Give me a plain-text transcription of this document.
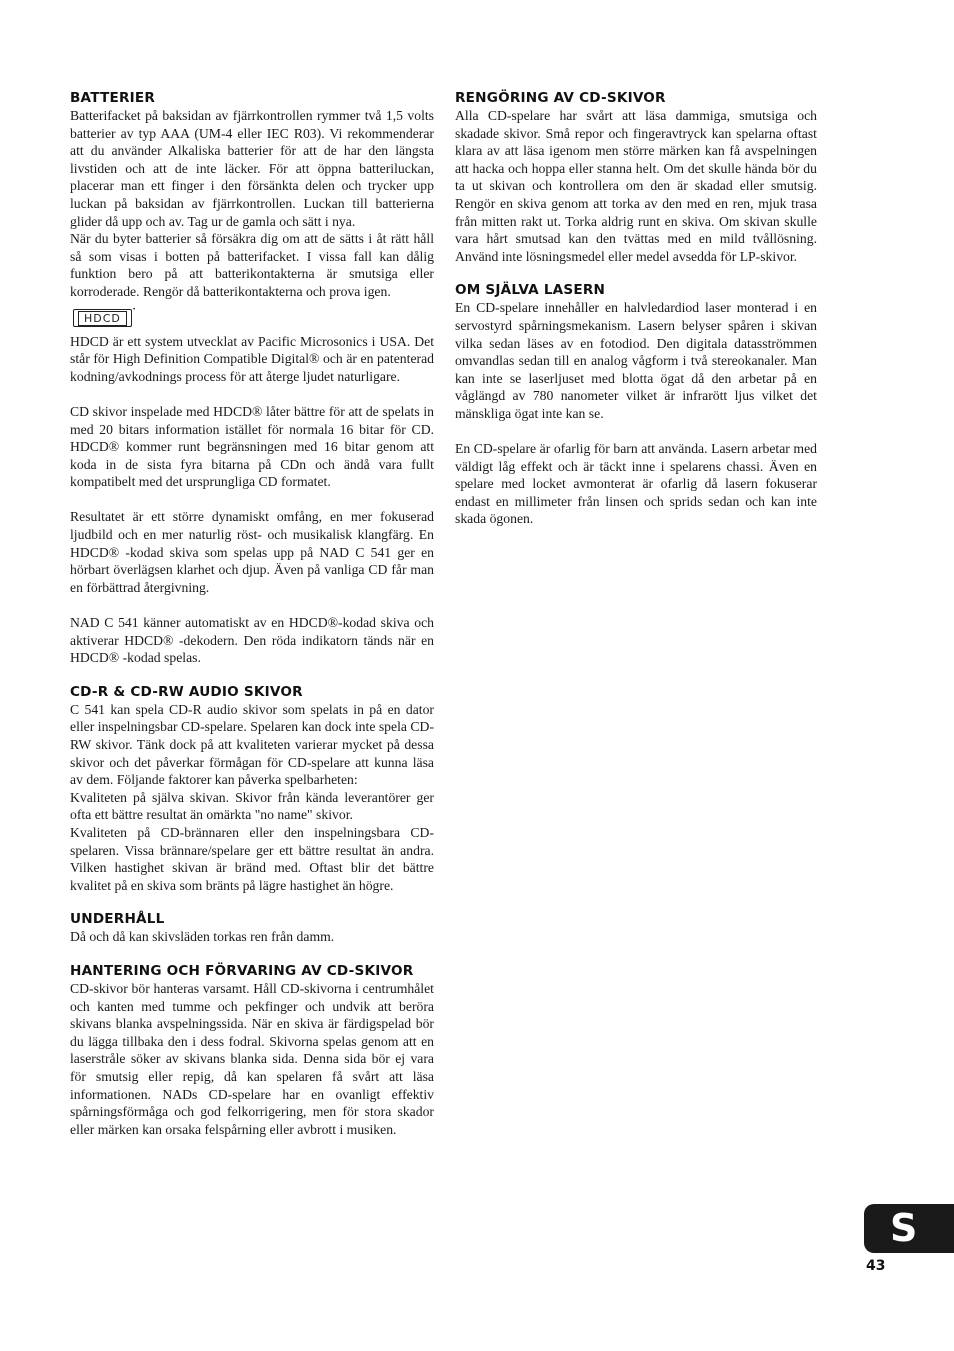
BATTERIER

Batterifacket på baksidan av fjärrkontrollen rymmer två 1,5 volts batterier av typ AAA (UM-4 eller IEC R03). Vi rekommenderar att du använder Alkaliska batterier för att de har den längsta livstiden och att de inte läcker. För att öppna batteriluckan, placerar man ett finger i den försänkta delen och trycker upp luckan på baksidan av fjärrkontrollen. Luckan till batterierna glider då upp och av. Tag ur de gamla och sätt i nya.

När du byter batterier så försäkra dig om att de sätts i åt rätt håll så som visas i botten på batterifacket. I vissa fall kan dålig funktion bero på att batterikontakterna är smutsiga eller korroderade. Rengör då batterikontakterna och prova igen.

HDCD
•

HDCD är ett system utvecklat av Pacific Microsonics i USA. Det står för High Definition Compatible Digital® och är en patenterad kodning/avkodnings process för att återge ljudet naturligare.

CD skivor inspelade med HDCD® låter bättre för att de spelats in med 20 bitars information istället för normala 16 bitar för CD. HDCD® kommer runt begränsningen med 16 bitar genom att koda in de sista fyra bitarna på CDn och ändå vara fullt kompatibelt med det ursprungliga CD formatet.

Resultatet är ett större dynamiskt omfång, en mer fokuserad ljudbild och en mer naturlig röst- och musikalisk klangfärg. En HDCD® -kodad skiva som spelas upp på NAD C 541 ger en hörbart överlägsen klarhet och djup. Även på vanliga CD får man en förbättrad återgivning.

NAD C 541 känner automatiskt av en HDCD®-kodad skiva och aktiverar HDCD® -dekodern. Den röda indikatorn tänds när en HDCD® -kodad spelas.

CD-R & CD-RW AUDIO SKIVOR

C 541 kan spela CD-R audio skivor som spelats in på en dator eller inspelningsbar CD-spelare. Spelaren kan dock inte spela CD-RW skivor. Tänk dock på att kvaliteten varierar mycket på dessa skivor och det påverkar förmågan för CD-spelare att kunna läsa av dem. Följande faktorer kan påverka spelbarheten:

Kvaliteten på själva skivan. Skivor från kända leverantörer ger ofta ett bättre resultat än omärkta "no name" skivor.

Kvaliteten på CD-brännaren eller den inspelningsbara CD-spelaren. Vissa brännare/spelare ger ett bättre resultat än andra. Vilken hastighet skivan är bränd med. Oftast blir det bättre kvalitet på en skiva som bränts på lägre hastighet än högre.

UNDERHÅLL

Då och då kan skivsläden torkas ren från damm.

HANTERING OCH FÖRVARING AV CD-SKIVOR

CD-skivor bör hanteras varsamt. Håll CD-skivorna i centrumhålet och kanten med tumme och pekfinger och undvik att beröra skivans blanka avspelningssida. När en skiva är färdigspelad bör du lägga tillbaka den i dess fodral. Skivorna spelas genom att en laserstråle söker av skivans blanka sida. Denna sida bör ej vara för smutsig eller repig, då kan spelaren få svårt att läsa informationen. NADs CD-spelare har en ovanligt effektiv spårningsförmåga och god felkorrigering, men för stora skador eller märken kan orsaka felspårning eller avbrott i musiken.

RENGÖRING AV CD-SKIVOR

Alla CD-spelare har svårt att läsa dammiga, smutsiga och skadade skivor. Små repor och fingeravtryck kan spelarna oftast klara av att läsa igenom men större märken kan få avspelningen att hacka och hoppa eller stanna helt. Om det skulle hända bör du ta ut skivan och kontrollera om den är skadad eller smutsig. Rengör en skiva genom att torka av den med en ren, mjuk trasa från mitten rakt ut. Torka aldrig runt en skiva. Om skivan skulle vara hårt smutsad kan den tvättas med en mild tvållösning. Använd inte lösningsmedel eller medel avsedda för LP-skivor.

OM SJÄLVA LASERN

En CD-spelare innehåller en halvledardiod laser monterad i en servostyrd spårningsmekanism. Lasern belyser spåren i skivan vilka sedan läses av en fotodiod. Den digitala datasströmmen omvandlas sedan till en analog vågform i två stereokanaler. Man kan inte se laserljuset med blotta ögat då den arbetar på en våglängd av 780 nanometer vilket är infrarött ljus vilket det mänskliga ögat inte kan se.

En CD-spelare är ofarlig för barn att använda. Lasern arbetar med väldigt låg effekt och är täckt inne i spelarens chassi. Även en spelare med locket avmonterat är ofarlig då lasern fokuserar endast en millimeter från linsen och sprids sedan och kan inte skada ögonen.

S
43
